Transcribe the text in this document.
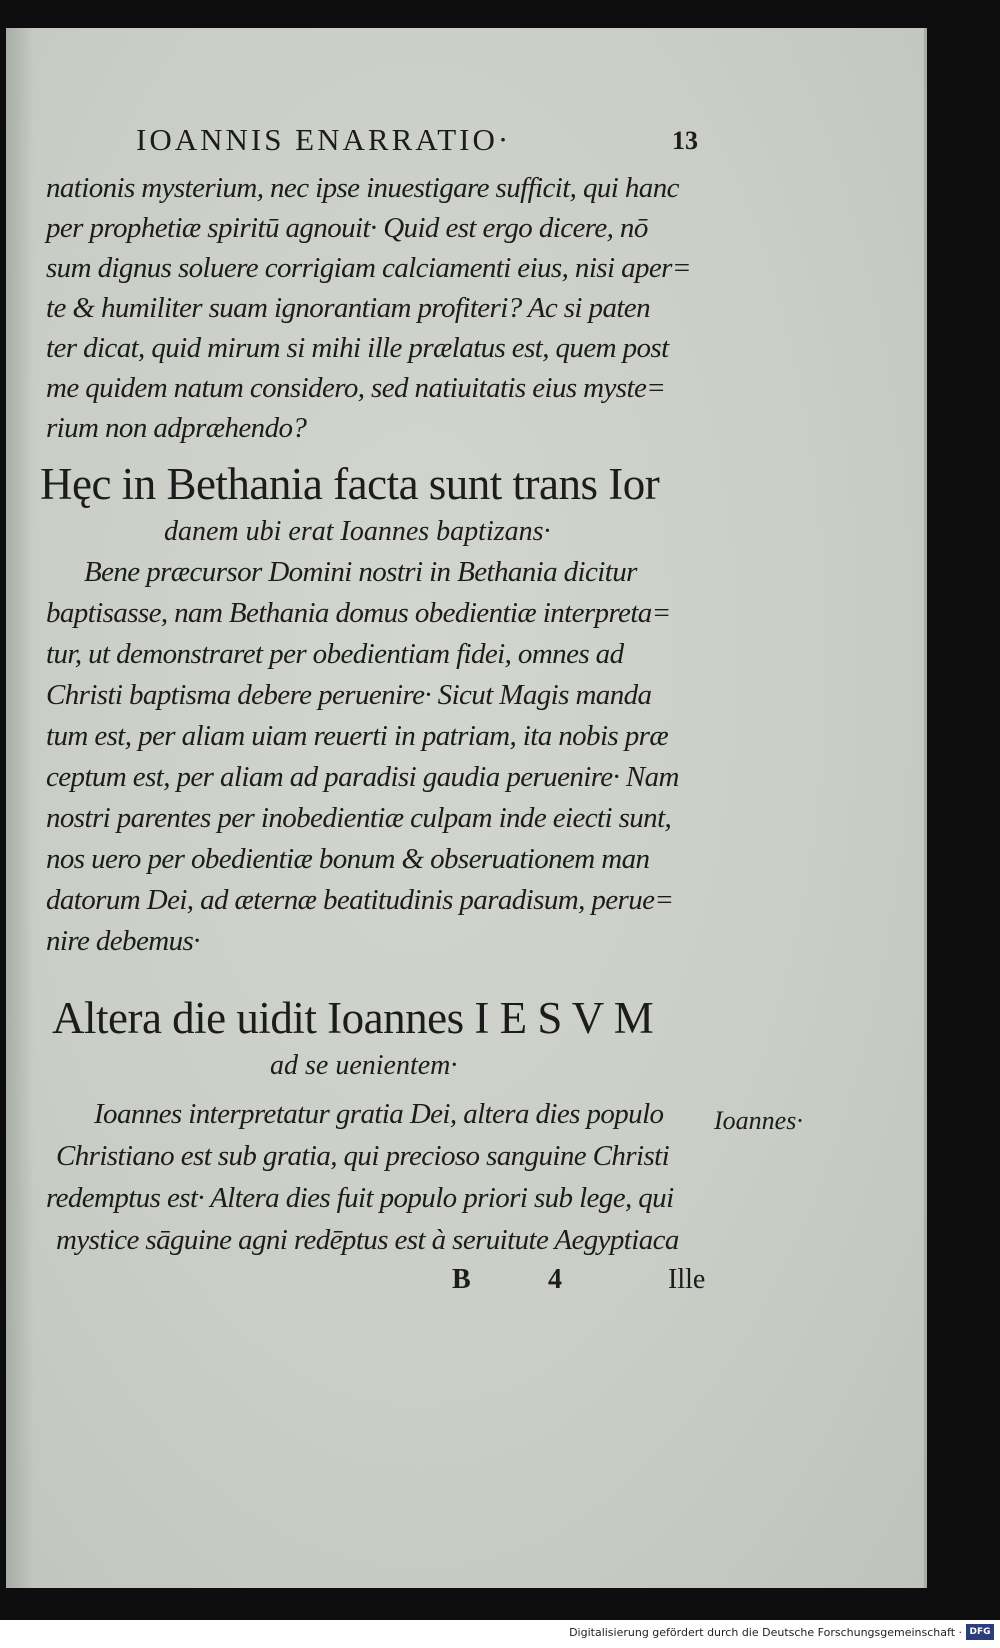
IOANNIS ENARRATIO·	13
nationis mysterium, nec ipse inuestigare sufficit, qui hanc
per prophetiæ spiritū agnouit· Quid est ergo dicere, nō
sum dignus soluere corrigiam calciamenti eius, nisi aper=
te & humiliter suam ignorantiam profiteri? Ac si paten
ter dicat, quid mirum si mihi ille prælatus est, quem post
me quidem natum considero, sed natiuitatis eius myste=
rium non adpræhendo?
Hęc in Bethania facta sunt trans Ior
danem ubi erat Ioannes baptizans·
Bene præcursor Domini nostri in Bethania dicitur
baptisasse, nam Bethania domus obedientiæ interpreta=
tur, ut demonstraret per obedientiam fidei, omnes ad
Christi baptisma debere peruenire· Sicut Magis manda
tum est, per aliam uiam reuerti in patriam, ita nobis præ
ceptum est, per aliam ad paradisi gaudia peruenire· Nam
nostri parentes per inobedientiæ culpam inde eiecti sunt,
nos uero per obedientiæ bonum & obseruationem man
datorum Dei, ad æternæ beatitudinis paradisum, perue=
nire debemus·
Altera die uidit Ioannes I E S V M
ad se uenientem·
Ioannes interpretatur gratia Dei, altera dies populo
Christiano est sub gratia, qui precioso sanguine Christi
redemptus est· Altera dies fuit populo priori sub lege, qui
mystice sāguine agni redēptus est à seruitute Aegyptiaca
Ioannes·
B	4	Ille
Digitalisierung gefördert durch die Deutsche Forschungsgemeinschaft · DFG
